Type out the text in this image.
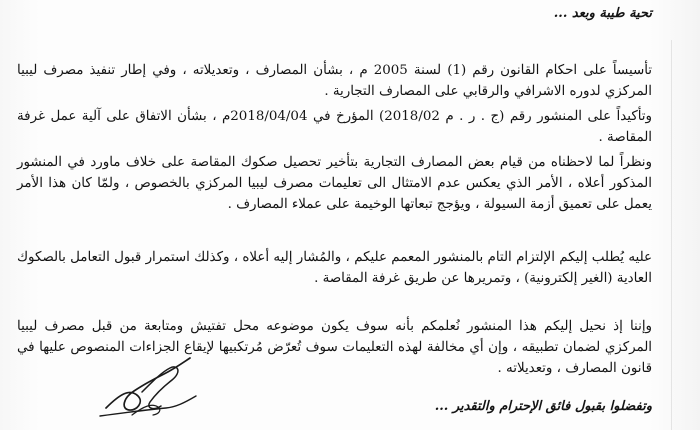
تحية طيبة وبعد ...

تأسيساً على احكام القانون رقم (1) لسنة 2005 م ، بشأن المصارف ، وتعديلاته ، وفي إطار تنفيذ مصرف ليبيا المركزي لدوره الاشرافي والرقابي على المصارف التجارية .

وتأكيداً على المنشور رقم (ج . ر . م 2018/02) المؤرخ في 2018/04/04م ، بشأن الاتفاق على آلية عمل غرفة المقاصة .

ونظراً لما لاحظناه من قيام بعض المصارف التجارية بتأخير تحصيل صكوك المقاصة على خلاف ماورد في المنشور المذكور أعلاه ، الأمر الذي يعكس عدم الامتثال الى تعليمات مصرف ليبيا المركزي بالخصوص ، ولمّا كان هذا الأمر يعمل على تعميق أزمة السيولة ، ويؤجج تبعاتها الوخيمة على عملاء المصارف .

عليه يُطلب إليكم الإلتزام التام بالمنشور المعمم عليكم ، والمُشار إليه أعلاه ، وكذلك استمرار قبول التعامل بالصكوك العادية (الغير إلكترونية) ، وتمريرها عن طريق غرفة المقاصة .

وإننا إذ نحيل إليكم هذا المنشور نُعلمكم بأنه سوف يكون موضوعه محل تفتيش ومتابعة من قبل مصرف ليبيا المركزي لضمان تطبيقه ، وإن أي مخالفة لهذه التعليمات سوف تُعرّض مُرتكبيها لإيقاع الجزاءات المنصوص عليها في قانون المصارف ، وتعديلاته .

وتفضلوا بقبول فائق الإحترام والتقدير ...
